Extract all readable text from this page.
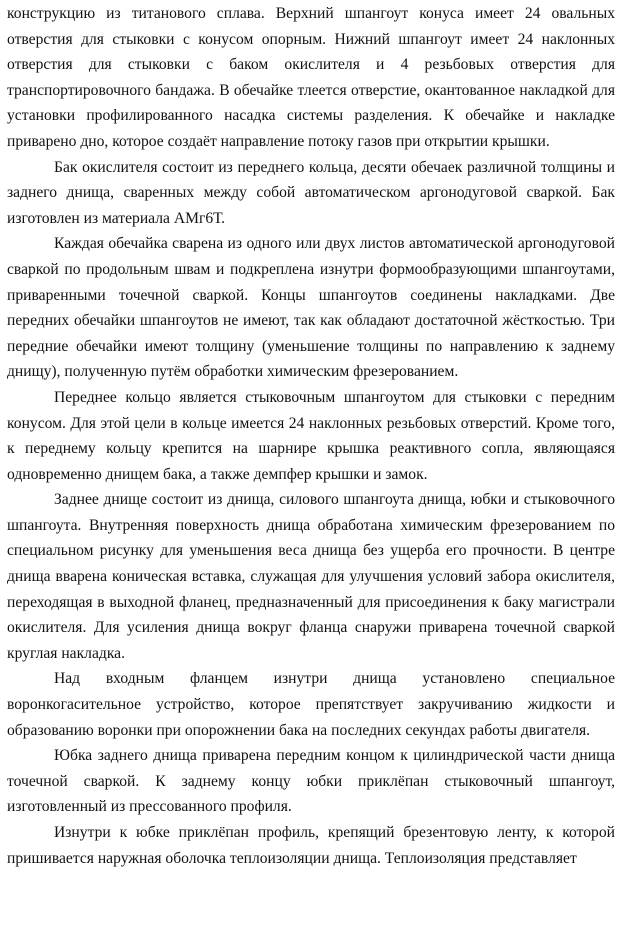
конструкцию из титанового сплава. Верхний шпангоут конуса имеет 24 овальных отверстия для стыковки с конусом опорным. Нижний шпангоут имеет 24 наклонных отверстия для стыковки с баком окислителя и 4 резьбовых отверстия для транспортировочного бандажа. В обечайке тлеется отверстие, окантованное накладкой для установки профилированного насадка системы разделения. К обечайке и накладке приварено дно, которое создаёт направление потоку газов при открытии крышки.

Бак окислителя состоит из переднего кольца, десяти обечаек различной толщины и заднего днища, сваренных между собой автоматическом аргонодуговой сваркой. Бак изготовлен из материала АМг6Т.

Каждая обечайка сварена из одного или двух листов автоматической аргонодуговой сваркой по продольным швам и подкреплена изнутри формообразующими шпангоутами, приваренными точечной сваркой. Концы шпангоутов соединены накладками. Две передних обечайки шпангоутов не имеют, так как обладают достаточной жёсткостью. Три передние обечайки имеют толщину (уменьшение толщины по направлению к заднему днищу), полученную путём обработки химическим фрезерованием.

Переднее кольцо является стыковочным шпангоутом для стыковки с передним конусом. Для этой цели в кольце имеется 24 наклонных резьбовых отверстий. Кроме того, к переднему кольцу крепится на шарнире крышка реактивного сопла, являющаяся одновременно днищем бака, а также демпфер крышки и замок.

Заднее днище состоит из днища, силового шпангоута днища, юбки и стыковочного шпангоута. Внутренняя поверхность днища обработана химическим фрезерованием по специальном рисунку для уменьшения веса днища без ущерба его прочности. В центре днища вварена коническая вставка, служащая для улучшения условий забора окислителя, переходящая в выходной фланец, предназначенный для присоединения к баку магистрали окислителя. Для усиления днища вокруг фланца снаружи приварена точечной сваркой круглая накладка.

Над входным фланцем изнутри днища установлено специальное воронкогасительное устройство, которое препятствует закручиванию жидкости и образованию воронки при опорожнении бака на последних секундах работы двигателя.

Юбка заднего днища приварена передним концом к цилиндрической части днища точечной сваркой. К заднему концу юбки приклёпан стыковочный шпангоут, изготовленный из прессованного профиля.

Изнутри к юбке приклёпан профиль, крепящий брезентовую ленту, к которой пришивается наружная оболочка теплоизоляции днища. Теплоизоляция представляет
